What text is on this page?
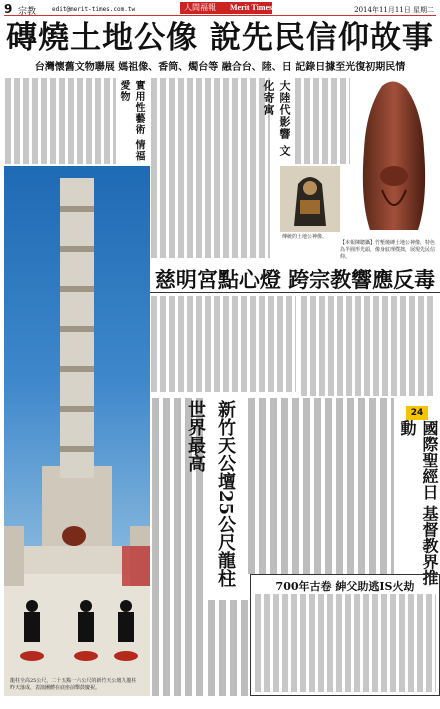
9 宗教	edit@merit-times.com.tw	人間福報	Merit Times	2014年11月11日 星期二
磚燒土地公像 說先民信仰故事
台灣懷舊文物聯展 媽祖像、香筒、燭台等 融合台、陸、日 記錄日據至光復初期民情
實用性藝術 情福愛物	大陸代影響 文化寄寓
【本報陳聰攝】竹塹燒磚土地公神像，特色為半圓形光頭，像身紋理樸拙，展現先民信仰。
傳統的土地公神像。
慈明宮點心燈 跨宗教響應反毒
龍柱全高25公尺，二十五點一六公尺的新竹天公壇九龍柱昨天落成，表演團體在底座前擊鼓慶祝。
新竹天公壇25公尺龍柱 世界最高	24
國際聖經日 基督教界推動
700年古卷 紳父助逃IS火劫
